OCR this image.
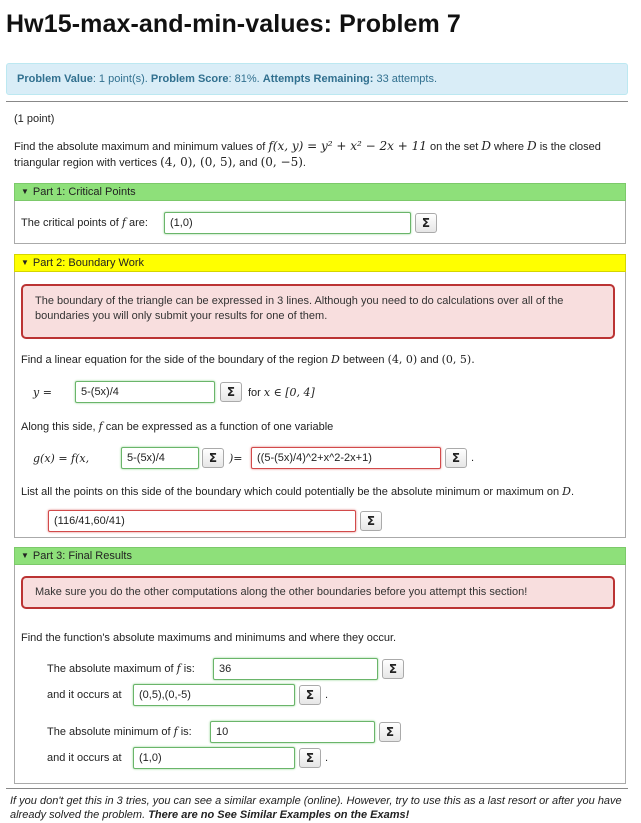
Hw15-max-and-min-values: Problem 7
Problem Value: 1 point(s). Problem Score: 81%. Attempts Remaining: 33 attempts.
(1 point)
Find the absolute maximum and minimum values of f(x, y) = y² + x² − 2x + 11 on the set D where D is the closed triangular region with vertices (4, 0), (0, 5), and (0, −5).
▼ Part 1: Critical Points
The critical points of f are:
(1,0)	Σ
▼ Part 2: Boundary Work
The boundary of the triangle can be expressed in 3 lines. Although you need to do calculations over all of the boundaries you will only submit your results for one of them.
Find a linear equation for the side of the boundary of the region D between (4, 0) and (0, 5).
y =
5-(5x)/4	Σ	for x ∈ [0, 4]
Along this side, f can be expressed as a function of one variable
g(x) = f(x,
5-(5x)/4	Σ	)=
((5-(5x)/4)^2+x^2-2x+1)	Σ .
List all the points on this side of the boundary which could potentially be the absolute minimum or maximum on D.
(116/41,60/41)
Σ
▼ Part 3: Final Results
Make sure you do the other computations along the other boundaries before you attempt this section!
Find the function's absolute maximums and minimums and where they occur.
The absolute maximum of f is:
36	Σ
and it occurs at
(0,5),(0,-5)	Σ .
The absolute minimum of f is:
10	Σ
and it occurs at
(1,0)	Σ .
If you don't get this in 3 tries, you can see a similar example (online). However, try to use this as a last resort or after you have already solved the problem. There are no See Similar Examples on the Exams!
